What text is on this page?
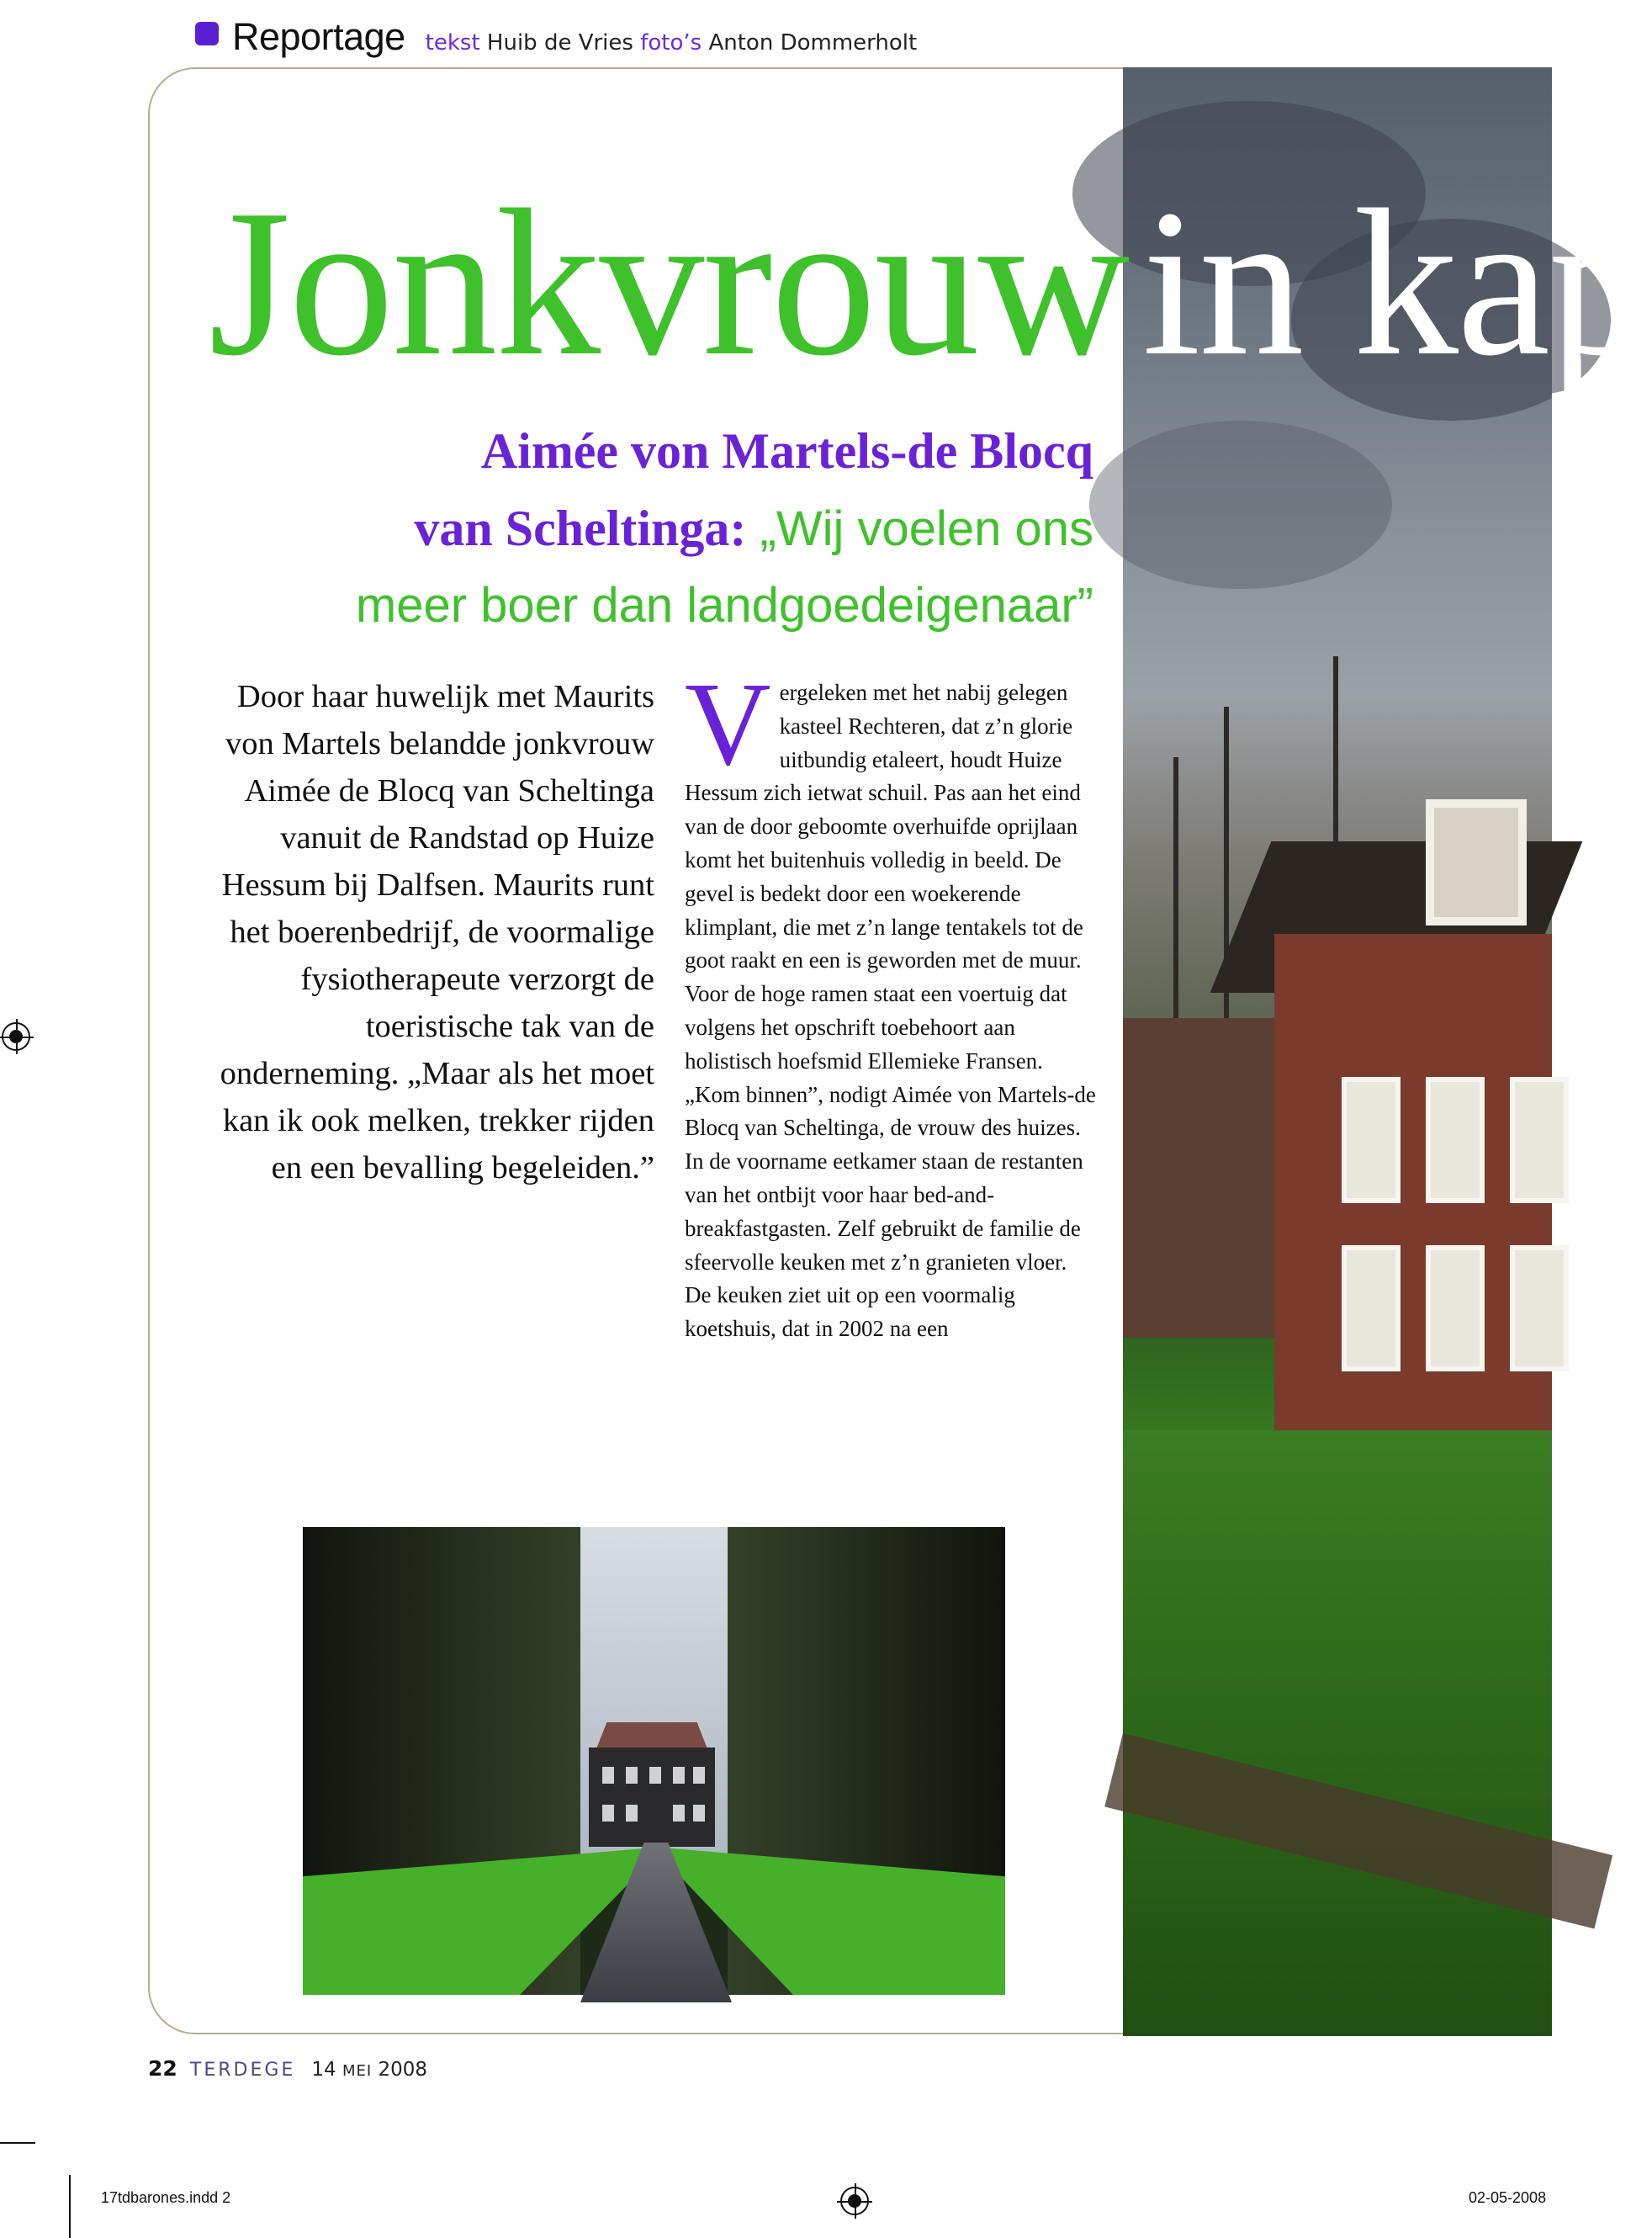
Reportage tekst Huib de Vries foto’s Anton Dommerholt
Jonkvrouw in kap
Aimée von Martels-de Blocq
van Scheltinga: „Wij voelen ons
meer boer dan landgoedeigenaar”
Door haar huwelijk met Maurits von Martels belandde jonkvrouw Aimée de Blocq van Scheltinga vanuit de Randstad op Huize Hessum bij Dalfsen. Maurits runt het boerenbedrijf, de voormalige fysiotherapeute verzorgt de toeristische tak van de onderneming. „Maar als het moet kan ik ook melken, trekker rijden en een bevalling begeleiden.”
V ergeleken met het nabij gelegen kasteel Rechteren, dat z’n glorie uitbundig etaleert, houdt Huize Hessum zich ietwat schuil. Pas aan het eind van de door geboomte overhuifde oprijlaan komt het buitenhuis volledig in beeld. De gevel is bedekt door een woekerende klimplant, die met z’n lange tentakels tot de goot raakt en een is geworden met de muur. Voor de hoge ramen staat een voertuig dat volgens het opschrift toebehoort aan holistisch hoefsmid Ellemieke Fransen. „Kom binnen”, nodigt Aimée von Martels-de Blocq van Scheltinga, de vrouw des huizes. In de voorname eetkamer staan de restanten van het ontbijt voor haar bed-and-breakfastgasten. Zelf gebruikt de familie de sfeervolle keuken met z’n granieten vloer.

De keuken ziet uit op een voormalig koetshuis, dat in 2002 na een

22 TERDEGE 14 MEI 2008
17tdbarones.indd 2	02-05-2008
